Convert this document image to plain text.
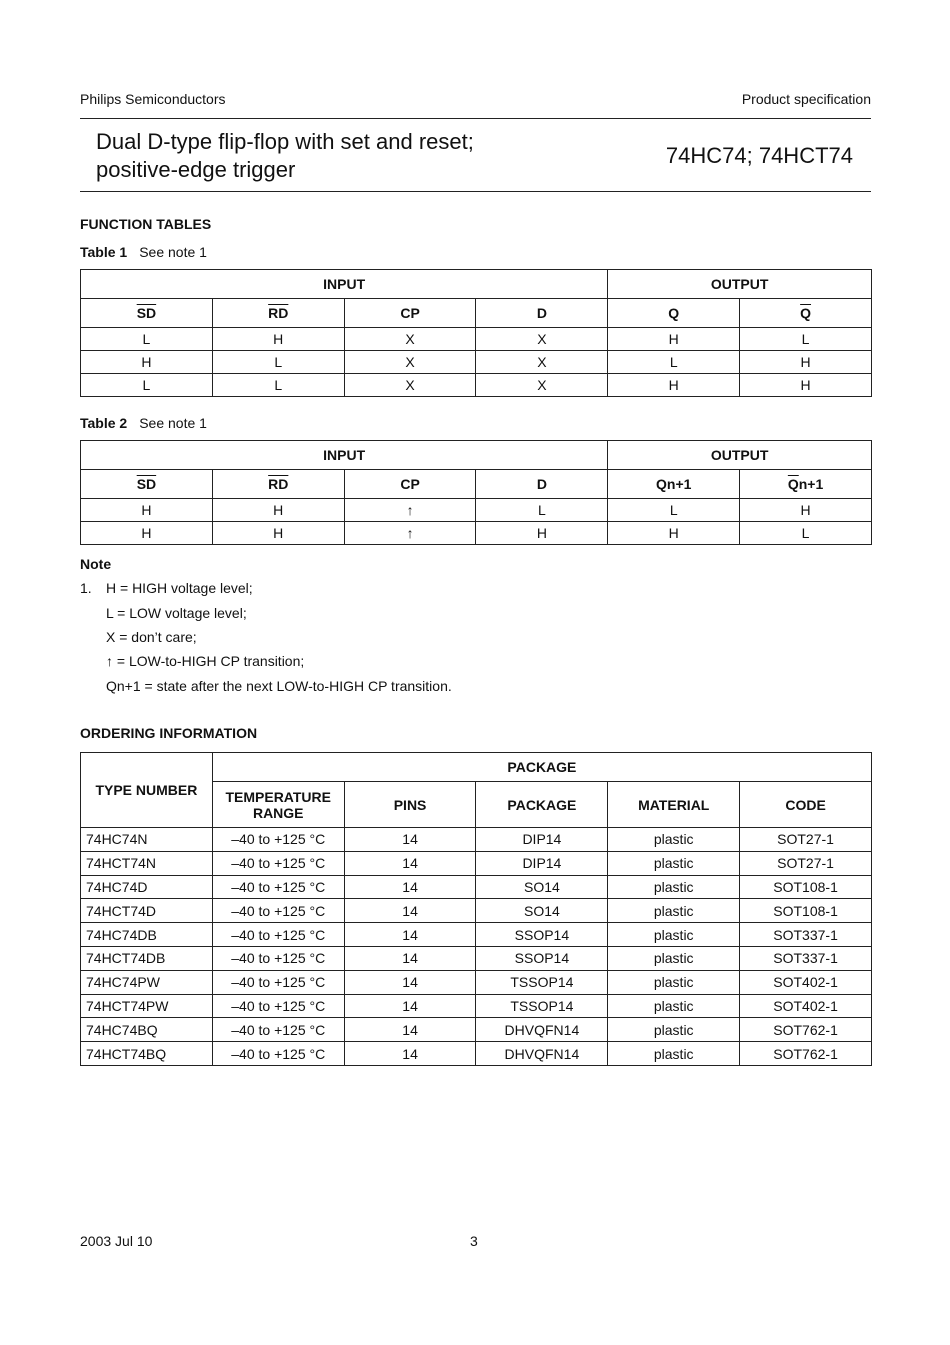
Philips Semiconductors	Product specification
Dual D-type flip-flop with set and reset;
positive-edge trigger
74HC74; 74HCT74
FUNCTION TABLES
Table 1 See note 1
INPUT				OUTPUT	
$\overline{SD}$	$\overline{RD}$	CP	D	Q	$\overline{Q}$
L	H	X	X	H	L
H	L	X	X	L	H
L	L	X	X	H	H
Table 2 See note 1
INPUT				OUTPUT	
$\overline{SD}$	$\overline{RD}$	CP	D	Qn+1	$\overline{Q}n+1$
H	H	↑	L	L	H
H	H	↑	H	H	L
Note
1. H = HIGH voltage level;
L = LOW voltage level;
X = don’t care;
↑ = LOW-to-HIGH CP transition;
Qn+1 = state after the next LOW-to-HIGH CP transition.
ORDERING INFORMATION
TYPE NUMBER	PACKAGE				
	TEMPERATURE RANGE	PINS	PACKAGE	MATERIAL	CODE
74HC74N	–40 to +125 °C	14	DIP14	plastic	SOT27-1
74HCT74N	–40 to +125 °C	14	DIP14	plastic	SOT27-1
74HC74D	–40 to +125 °C	14	SO14	plastic	SOT108-1
74HCT74D	–40 to +125 °C	14	SO14	plastic	SOT108-1
74HC74DB	–40 to +125 °C	14	SSOP14	plastic	SOT337-1
74HCT74DB	–40 to +125 °C	14	SSOP14	plastic	SOT337-1
74HC74PW	–40 to +125 °C	14	TSSOP14	plastic	SOT402-1
74HCT74PW	–40 to +125 °C	14	TSSOP14	plastic	SOT402-1
74HC74BQ	–40 to +125 °C	14	DHVQFN14	plastic	SOT762-1
74HCT74BQ	–40 to +125 °C	14	DHVQFN14	plastic	SOT762-1
2003 Jul 10	3
